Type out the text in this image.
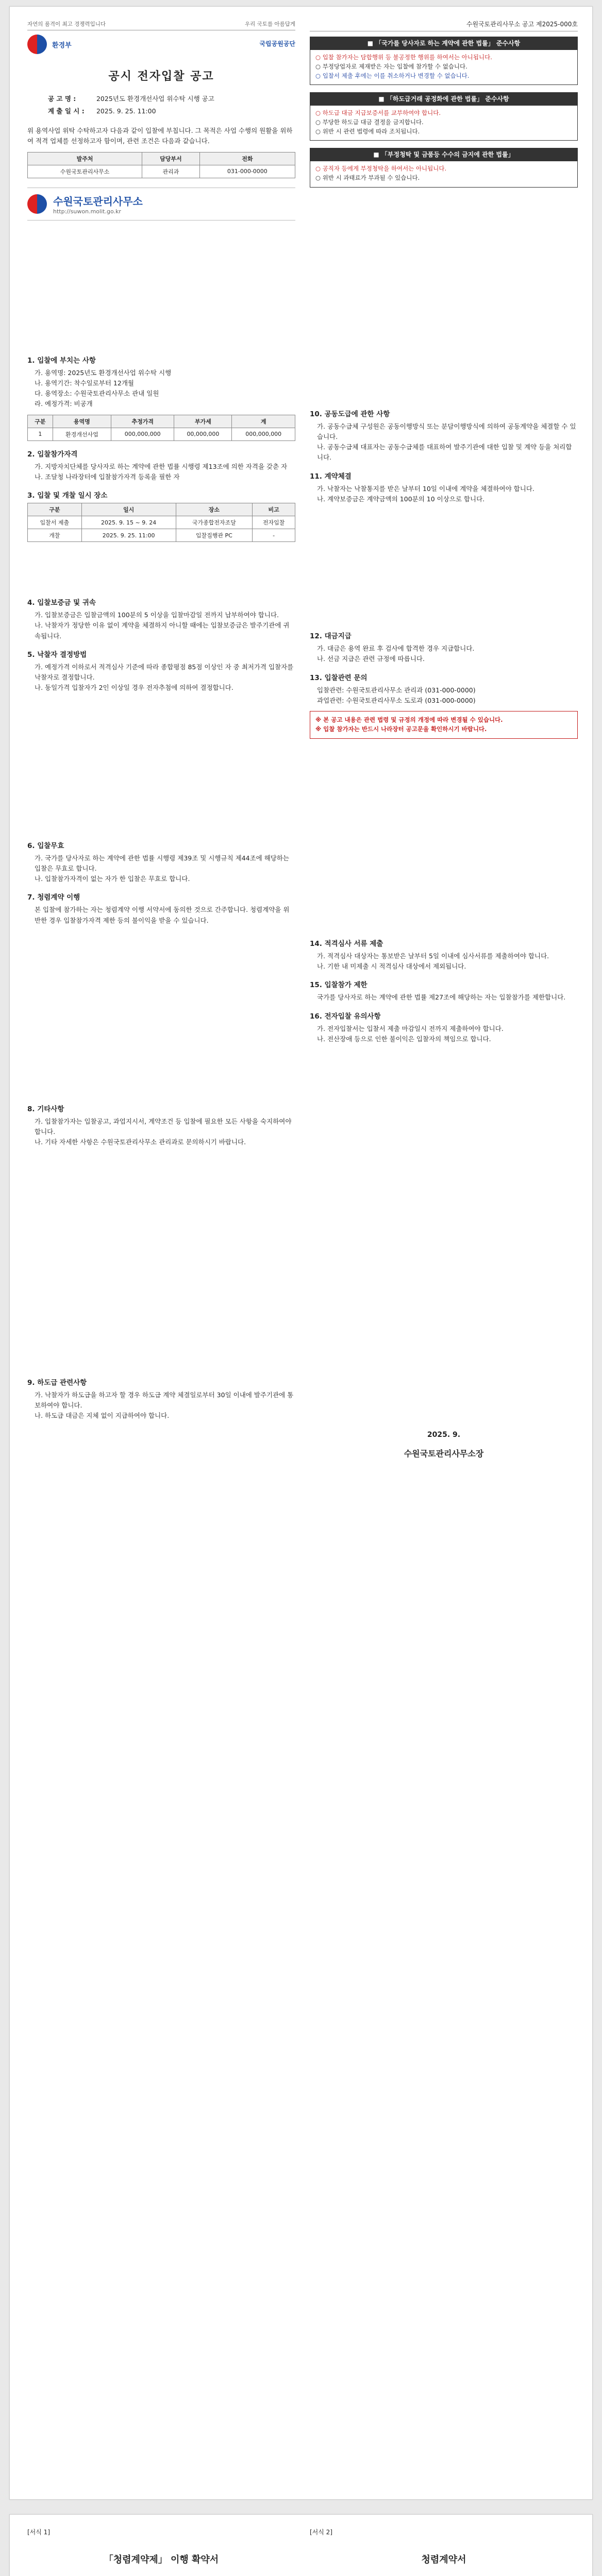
자연의 품격이 최고 경쟁력입니다	우리 국토를 아름답게
환경부	국립공원공단
공시 전자입찰 공고
공 고 명 :	2025년도 환경개선사업 위수탁 시행 공고
계 출 일 시 : 2025. 9. 25. 11:00

위 용역사업 위탁 수탁하고자 다음과 같이 입찰에 부칩니다. 그 목적은 사업 수행의 원활을 위하여 적격 업체를 선정하고자 함이며, 관련 조건은 다음과 같습니다.

발주처	담당부서	전화
수원국토관리사무소	관리과	031-000-0000
수원국토관리사무소
http://suwon.molit.go.kr
1. 입찰에 부치는 사항

가. 용역명: 2025년도 환경개선사업 위수탁 시행
나. 용역기간: 착수일로부터 12개월
다. 용역장소: 수원국토관리사무소 관내 일원
라. 예정가격: 비공개

구분	용역명	추정가격	부가세	계
1	환경개선사업	000,000,000	00,000,000	000,000,000
2. 입찰참가자격

가. 지방자치단체를 당사자로 하는 계약에 관한 법률 시행령 제13조에 의한 자격을 갖춘 자
나. 조달청 나라장터에 입찰참가자격 등록을 필한 자

3. 입찰 및 개찰 일시 장소
구분	일시	장소	비고
입찰서 제출	2025. 9. 15 ~ 9. 24	국가종합전자조달	전자입찰
개찰	2025. 9. 25. 11:00	입찰집행관 PC	-
4. 입찰보증금 및 귀속

가. 입찰보증금은 입찰금액의 100분의 5 이상을 입찰마감일 전까지 납부하여야 합니다.
나. 낙찰자가 정당한 이유 없이 계약을 체결하지 아니할 때에는 입찰보증금은 발주기관에 귀속됩니다.

5. 낙찰자 결정방법

가. 예정가격 이하로서 적격심사 기준에 따라 종합평점 85점 이상인 자 중 최저가격 입찰자를 낙찰자로 결정합니다.
나. 동일가격 입찰자가 2인 이상일 경우 전자추첨에 의하여 결정합니다.

6. 입찰무효

가. 국가를 당사자로 하는 계약에 관한 법률 시행령 제39조 및 시행규칙 제44조에 해당하는 입찰은 무효로 합니다.
나. 입찰참가자격이 없는 자가 한 입찰은 무효로 합니다.

7. 청렴계약 이행

본 입찰에 참가하는 자는 청렴계약 이행 서약서에 동의한 것으로 간주합니다. 청렴계약을 위반한 경우 입찰참가자격 제한 등의 불이익을 받을 수 있습니다.

8. 기타사항

가. 입찰참가자는 입찰공고, 과업지시서, 계약조건 등 입찰에 필요한 모든 사항을 숙지하여야 합니다.
나. 기타 자세한 사항은 수원국토관리사무소 관리과로 문의하시기 바랍니다.

9. 하도급 관련사항

가. 낙찰자가 하도급을 하고자 할 경우 하도급 계약 체결일로부터 30일 이내에 발주기관에 통보하여야 합니다.
나. 하도급 대금은 지체 없이 지급하여야 합니다.

수원국토관리사무소 공고 제2025-000호
■ 「국가를 당사자로 하는 계약에 관한 법률」 준수사항
○ 입찰 참가자는 담합행위 등 불공정한 행위를 하여서는 아니됩니다.
○ 부정당업자로 제재받은 자는 입찰에 참가할 수 없습니다.
○ 입찰서 제출 후에는 이를 취소하거나 변경할 수 없습니다.
■ 「하도급거래 공정화에 관한 법률」 준수사항
○ 하도급 대금 지급보증서를 교부하여야 합니다.
○ 부당한 하도급 대금 결정을 금지합니다.
○ 위반 시 관련 법령에 따라 조치됩니다.
■ 「부정청탁 및 금품등 수수의 금지에 관한 법률」
○ 공직자 등에게 부정청탁을 하여서는 아니됩니다.
○ 위반 시 과태료가 부과될 수 있습니다.
10. 공동도급에 관한 사항

가. 공동수급체 구성원은 공동이행방식 또는 분담이행방식에 의하여 공동계약을 체결할 수 있습니다.
나. 공동수급체 대표자는 공동수급체를 대표하여 발주기관에 대한 입찰 및 계약 등을 처리합니다.

11. 계약체결

가. 낙찰자는 낙찰통지를 받은 날부터 10일 이내에 계약을 체결하여야 합니다.
나. 계약보증금은 계약금액의 100분의 10 이상으로 합니다.

12. 대금지급

가. 대금은 용역 완료 후 검사에 합격한 경우 지급합니다.
나. 선금 지급은 관련 규정에 따릅니다.

13. 입찰관련 문의

입찰관련: 수원국토관리사무소 관리과 (031-000-0000)
과업관련: 수원국토관리사무소 도로과 (031-000-0000)

※ 본 공고 내용은 관련 법령 및 규정의 개정에 따라 변경될 수 있습니다.
※ 입찰 참가자는 반드시 나라장터 공고문을 확인하시기 바랍니다.
14. 적격심사 서류 제출

가. 적격심사 대상자는 통보받은 날부터 5일 이내에 심사서류를 제출하여야 합니다.
나. 기한 내 미제출 시 적격심사 대상에서 제외됩니다.

15. 입찰참가 제한

국가를 당사자로 하는 계약에 관한 법률 제27조에 해당하는 자는 입찰참가를 제한합니다.

16. 전자입찰 유의사항

가. 전자입찰서는 입찰서 제출 마감일시 전까지 제출하여야 합니다.
나. 전산장애 등으로 인한 불이익은 입찰자의 책임으로 합니다.

2025. 9.
수원국토관리사무소장
[서식 1]
「청렴계약제」 이행 확약서
[서식 2]
청렴계약서
